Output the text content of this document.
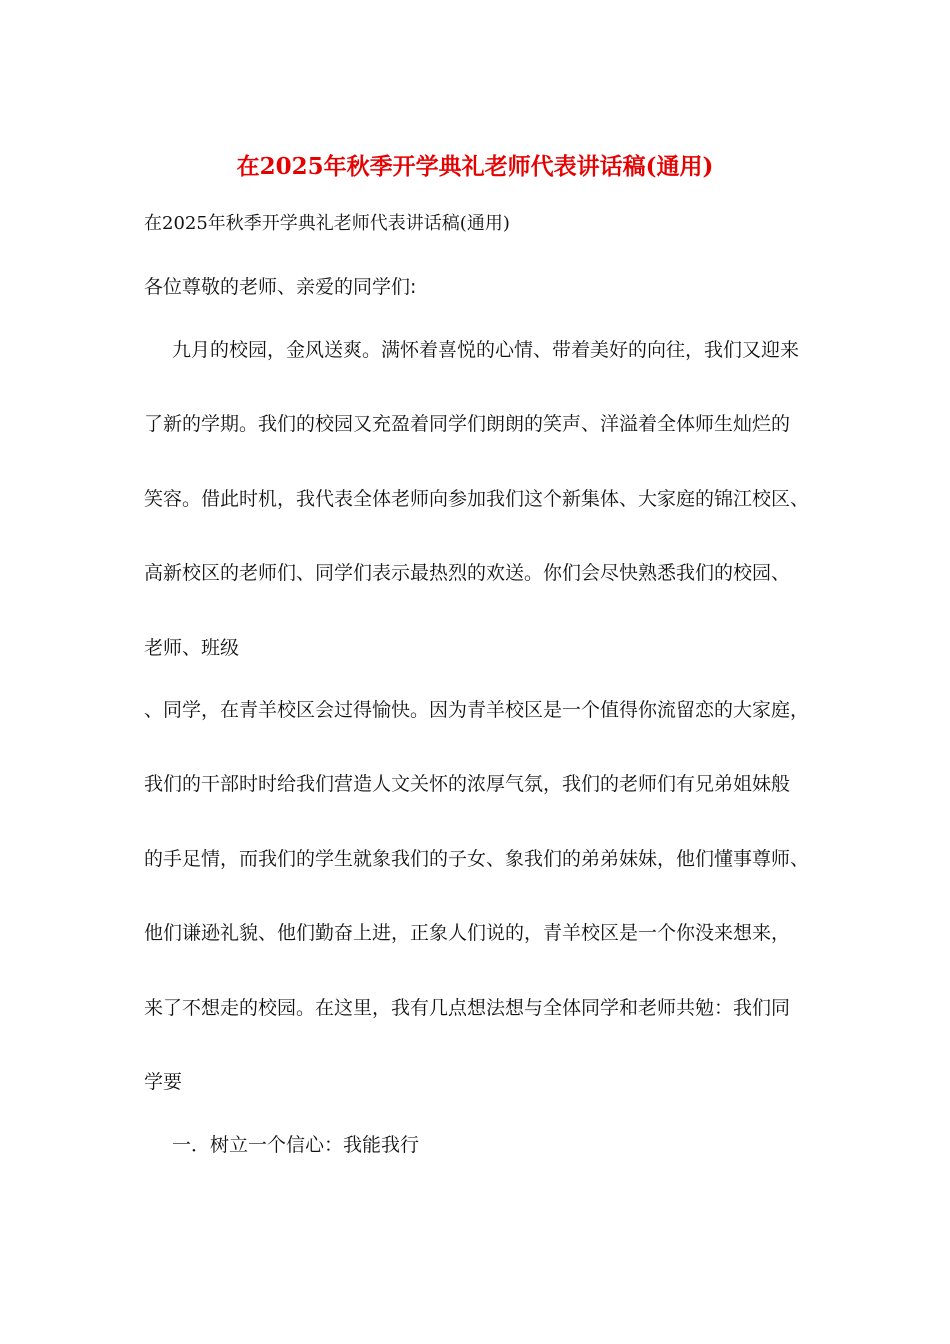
在2025年秋季开学典礼老师代表讲话稿(通用)
在2025年秋季开学典礼老师代表讲话稿(通用)
各位尊敬的老师、亲爱的同学们:
九月的校园，金风送爽。满怀着喜悦的心情、带着美好的向往，我们又迎来
了新的学期。我们的校园又充盈着同学们朗朗的笑声、洋溢着全体师生灿烂的
笑容。借此时机，我代表全体老师向参加我们这个新集体、大家庭的锦江校区、
高新校区的老师们、同学们表示最热烈的欢送。你们会尽快熟悉我们的校园、
老师、班级
、同学，在青羊校区会过得愉快。因为青羊校区是一个值得你流留恋的大家庭，
我们的干部时时给我们营造人文关怀的浓厚气氛，我们的老师们有兄弟姐妹般
的手足情，而我们的学生就象我们的子女、象我们的弟弟妹妹，他们懂事尊师、
他们谦逊礼貌、他们勤奋上进，正象人们说的，青羊校区是一个你没来想来，
来了不想走的校园。在这里，我有几点想法想与全体同学和老师共勉：我们同
学要
一．树立一个信心：我能我行
